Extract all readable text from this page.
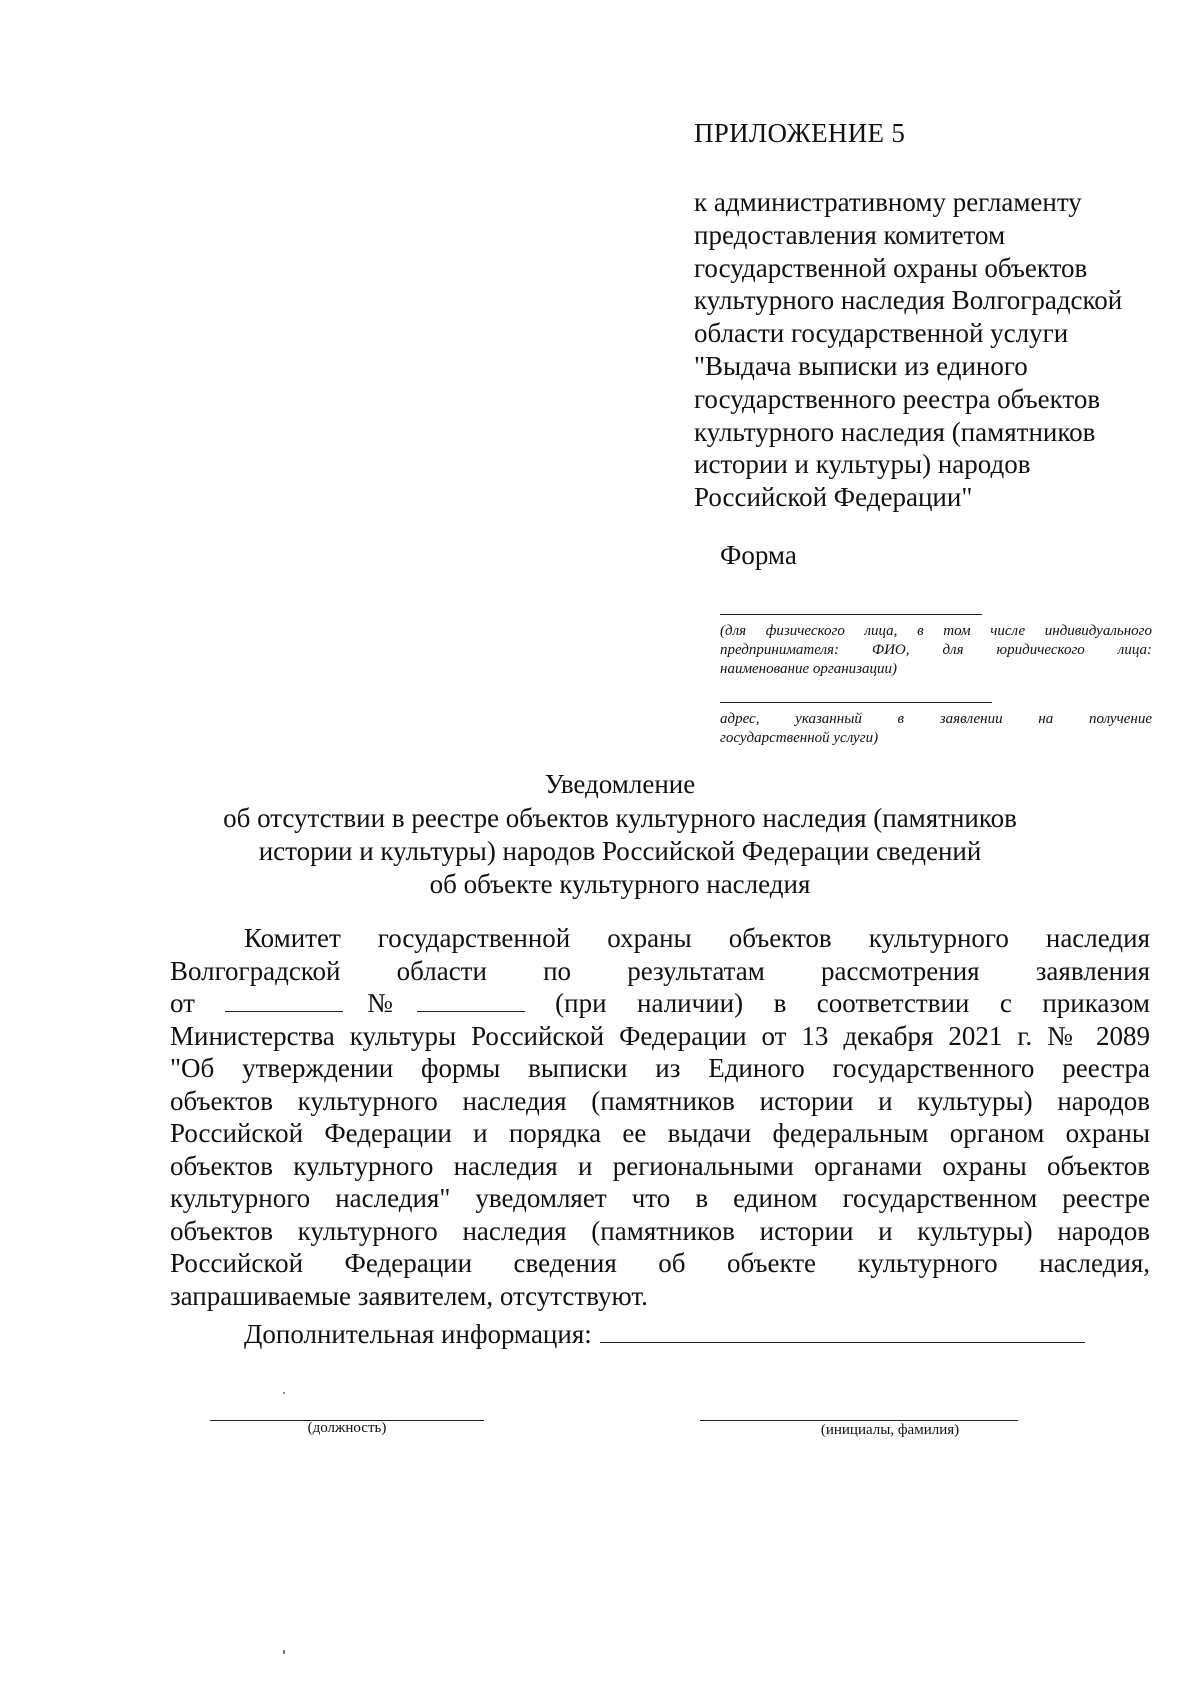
ПРИЛОЖЕНИЕ 5
к административному регламенту
предоставления комитетом
государственной охраны объектов
культурного наследия Волгоградской
области государственной услуги
"Выдача выписки из единого
государственного реестра объектов
культурного наследия (памятников
истории и культуры) народов
Российской Федерации"
Форма
(для физического лица, в том числе индивидуального
предпринимателя: ФИО, для юридического лица:
наименование организации)
адрес, указанный в заявлении на получение
государственной услуги)
Уведомление
об отсутствии в реестре объектов культурного наследия (памятников
истории и культуры) народов Российской Федерации сведений
об объекте культурного наследия
Комитет государственной охраны объектов культурного наследия
Волгоградской области по результатам рассмотрения заявления
от	№	(при наличии) в соответствии с приказом
Министерства культуры Российской Федерации от 13 декабря 2021 г. № 2089
"Об утверждении формы выписки из Единого государственного реестра
объектов культурного наследия (памятников истории и культуры) народов
Российской Федерации и порядка ее выдачи федеральным органом охраны
объектов культурного наследия и региональными органами охраны объектов
культурного наследия" уведомляет что в едином государственном реестре
объектов культурного наследия (памятников истории и культуры) народов
Российской Федерации сведения об объекте культурного наследия,
запрашиваемые заявителем, отсутствуют.
Дополнительная информация:
(должность)	(инициалы, фамилия)
